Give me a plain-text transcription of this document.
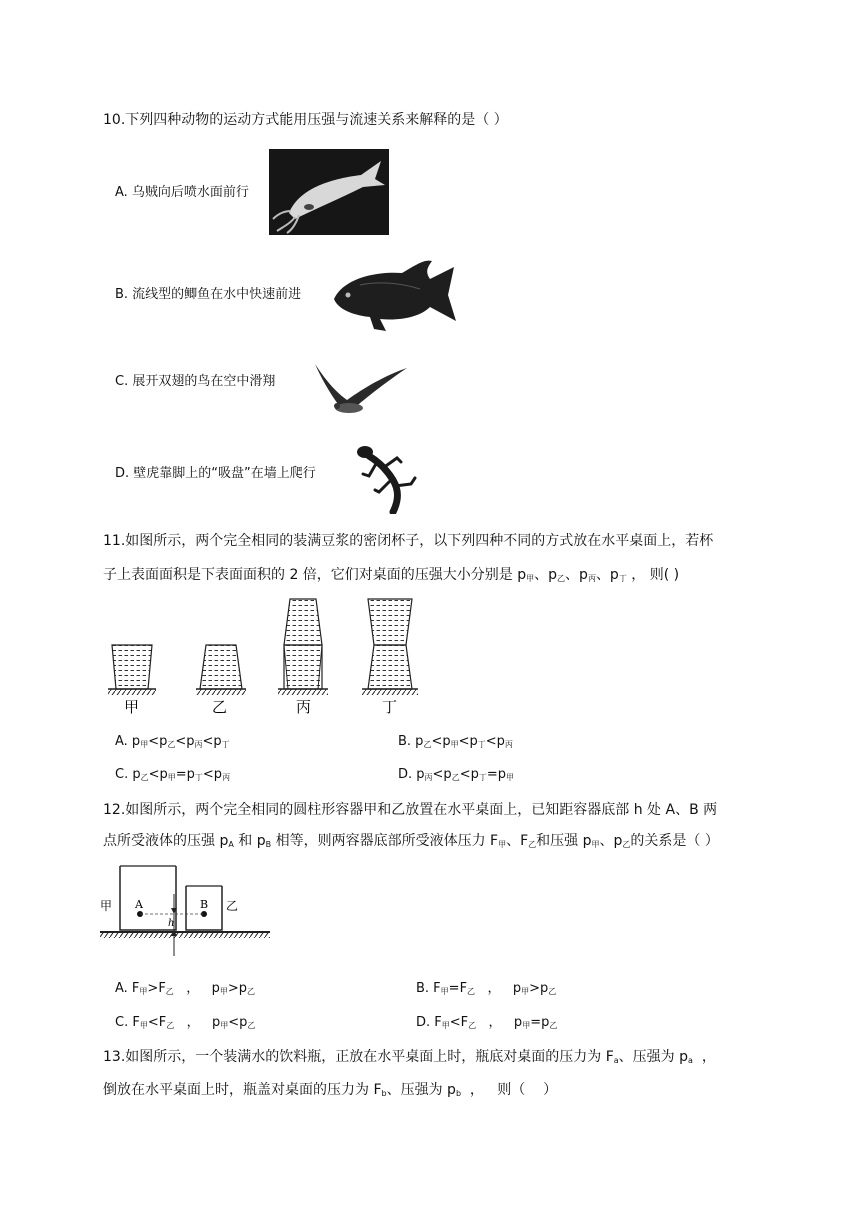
10.下列四种动物的运动方式能用压强与流速关系来解释的是（ ）
A. 乌贼向后喷水面前行
B. 流线型的鲫鱼在水中快速前进
C. 展开双翅的鸟在空中滑翔
D. 壁虎靠脚上的“吸盘”在墙上爬行
11.如图所示，两个完全相同的装满豆浆的密闭杯子，以下列四种不同的方式放在水平桌面上，若杯
子上表面面积是下表面面积的 2 倍，它们对桌面的压强大小分别是 $p_甲$、$p_乙$、$p_丙$、$p_丁$ ， 则( )
甲	乙	丙	丁
A. $p_甲<p_乙<p_丙<p_丁$	B. $p_乙<p_甲<p_丁<p_丙$
C. $p_乙<p_甲=p_丁<p_丙$	D. $p_丙<p_乙<p_丁=p_甲$
12.如图所示，两个完全相同的圆柱形容器甲和乙放置在水平桌面上，已知距容器底部 h 处 A、B 两
点所受液体的压强 $p_A$ 和 $p_B$ 相等，则两容器底部所受液体压力 $F_甲$、$F_乙$和压强 $p_甲$、$p_乙$的关系是（ ）
甲	乙
A	B
h
A. $F_甲>F_乙$   ，   $p_甲>p_乙$	B. $F_甲=F_乙$   ，   $p_甲>p_乙$
C. $F_甲<F_乙$   ，   $p_甲<p_乙$	D. $F_甲<F_乙$   ，   $p_甲=p_乙$
13.如图所示，一个装满水的饮料瓶，正放在水平桌面上时，瓶底对桌面的压力为 $F_a$、压强为 $p_a$  ，
倒放在水平桌面上时，瓶盖对桌面的压力为 $F_b$、压强为 $p_b$  ，   则（    ）
